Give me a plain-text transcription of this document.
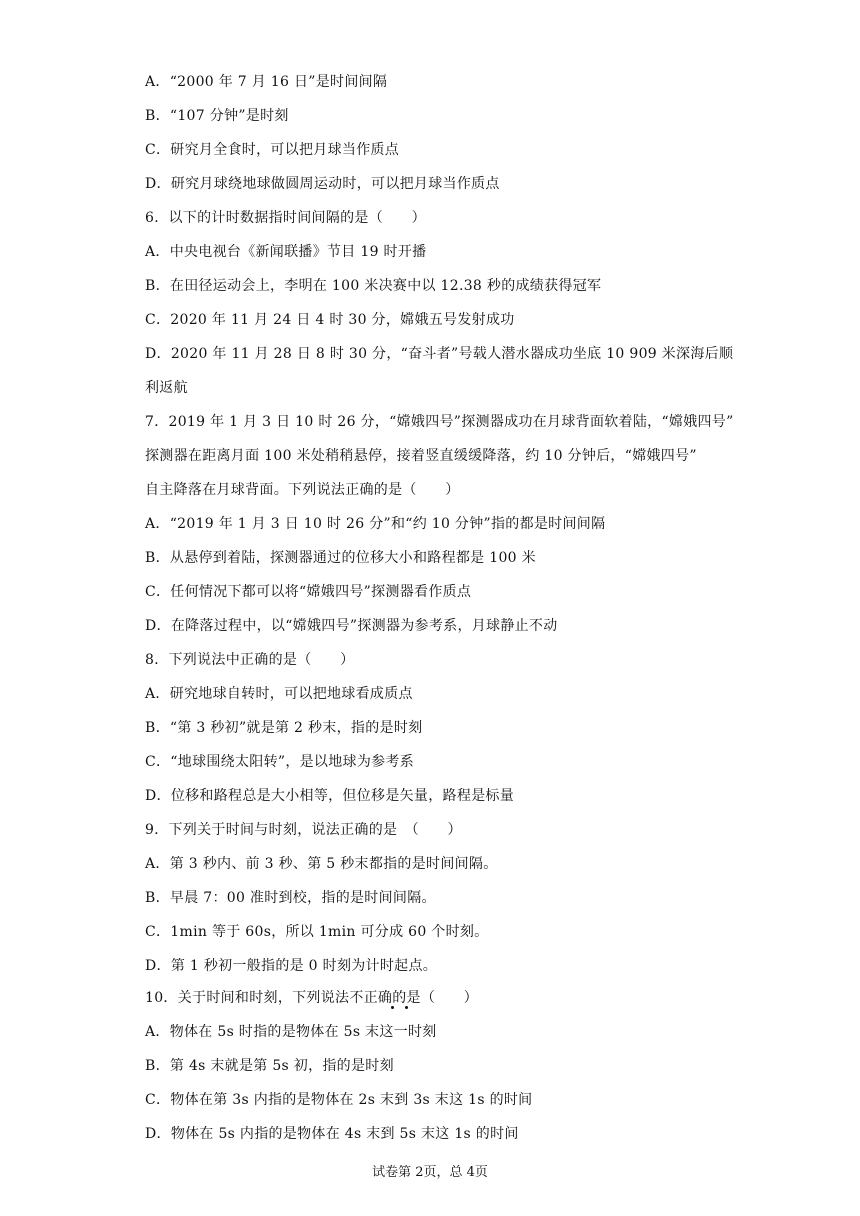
A．“2000 年 7 月 16 日”是时间间隔
B．“107 分钟”是时刻
C．研究月全食时，可以把月球当作质点
D．研究月球绕地球做圆周运动时，可以把月球当作质点
6．以下的计时数据指时间间隔的是（　　）
A．中央电视台《新闻联播》节目 19 时开播
B．在田径运动会上，李明在 100 米决赛中以 12.38 秒的成绩获得冠军
C．2020 年 11 月 24 日 4 时 30 分，嫦娥五号发射成功
D．2020 年 11 月 28 日 8 时 30 分，“奋斗者”号载人潜水器成功坐底 10 909 米深海后顺
利返航
7．2019 年 1 月 3 日 10 时 26 分，“嫦娥四号”探测器成功在月球背面软着陆，“嫦娥四号”
探测器在距离月面 100 米处稍稍悬停，接着竖直缓缓降落，约 10 分钟后，“嫦娥四号”
自主降落在月球背面。下列说法正确的是（　　）
A．“2019 年 1 月 3 日 10 时 26 分”和“约 10 分钟”指的都是时间间隔
B．从悬停到着陆，探测器通过的位移大小和路程都是 100 米
C．任何情况下都可以将“嫦娥四号”探测器看作质点
D．在降落过程中，以“嫦娥四号”探测器为参考系，月球静止不动
8．下列说法中正确的是（　　）
A．研究地球自转时，可以把地球看成质点
B．“第 3 秒初”就是第 2 秒末，指的是时刻
C．“地球围绕太阳转”，是以地球为参考系
D．位移和路程总是大小相等，但位移是矢量，路程是标量
9．下列关于时间与时刻，说法正确的是　（　　）
A．第 3 秒内、前 3 秒、第 5 秒末都指的是时间间隔。
B．早晨 7：00 准时到校，指的是时间间隔。
C．1min 等于 60s，所以 1min 可分成 60 个时刻。
D．第 1 秒初一般指的是 0 时刻为计时起点。
10．关于时间和时刻，下列说法不正确的是（　　）
A．物体在 5s 时指的是物体在 5s 末这一时刻
B．第 4s 末就是第 5s 初，指的是时刻
C．物体在第 3s 内指的是物体在 2s 末到 3s 末这 1s 的时间
D．物体在 5s 内指的是物体在 4s 末到 5s 末这 1s 的时间
试卷第 2页，总 4页
